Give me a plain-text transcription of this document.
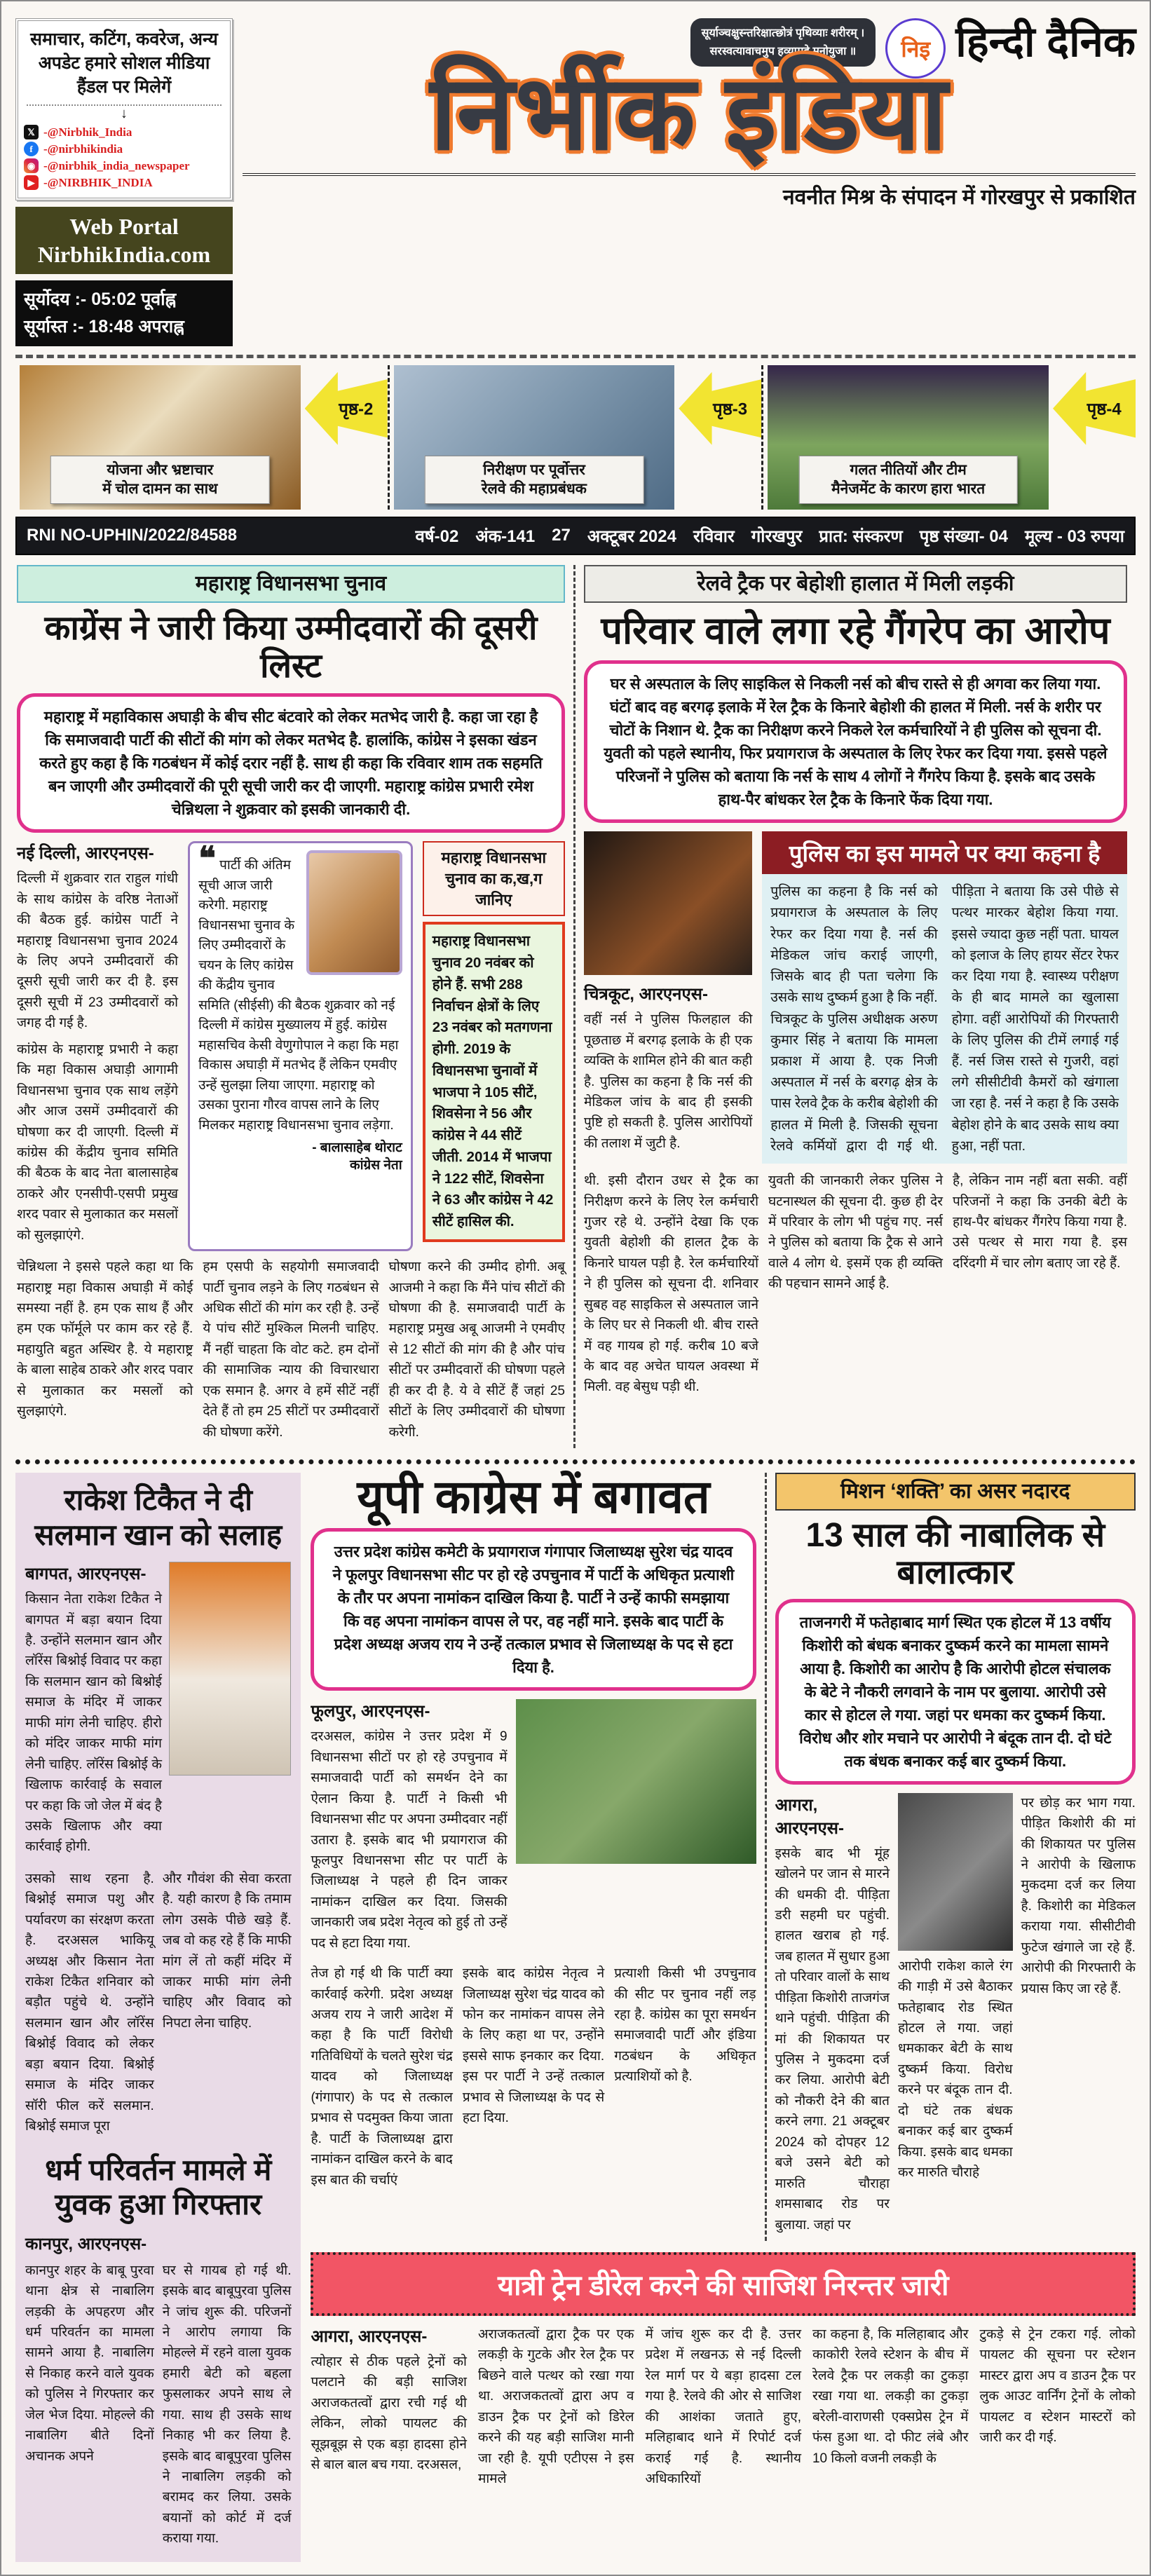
समाचार, कटिंग, कवरेज, अन्य अपडेट हमारे सोशल मीडिया हैंडल पर मिलेगें

↓
𝕏 -@Nirbhik_India
f -@nirbhikindia
◉ -@nirbhik_india_newspaper
▶ -@NIRBHIK_INDIA
Web Portal
NirbhikIndia.com
सूर्योदय :- 05:02 पूर्वाह्न
सूर्यास्त :- 18:48 अपराह्न
सूर्याञ्चक्षुस्न्तरिक्षात्छोत्रं पृथिव्याः शरीरम् ।
सरस्वत्यावाचमुप हव्यामहे मनोयुजा ॥	निइ हिन्दी दैनिक
निर्भीक इंडिया
नवनीत मिश्र के संपादन में गोरखपुर से प्रकाशित
योजना और भ्रष्टाचार
में चोल दामन का साथ
पृष्ठ-2
निरीक्षण पर पूर्वोत्तर
रेलवे की महाप्रबंधक
पृष्ठ-3
गलत नीतियों और टीम
मैनेजमेंट के कारण हारा भारत
पृष्ठ-4
RNI NO-UPHIN/2022/84588	वर्ष-02 अंक-141 27 अक्टूबर 2024 रविवार गोरखपुर प्रात: संस्करण पृष्ठ संख्या- 04 मूल्य - 03 रुपया
महाराष्ट्र विधानसभा चुनाव
काग्रेंस ने जारी किया उम्मीदवारों की दूसरी लिस्ट
महाराष्ट्र में महाविकास अघाड़ी के बीच सीट बंटवारे को लेकर मतभेद जारी है. कहा जा रहा है कि समाजवादी पार्टी की सीटों की मांग को लेकर मतभेद है. हालांकि, कांग्रेस ने इसका खंडन करते हुए कहा है कि गठबंधन में कोई दरार नहीं है. साथ ही कहा कि रविवार शाम तक सहमति बन जाएगी और उम्मीदवारों की पूरी सूची जारी कर दी जाएगी. महाराष्ट्र कांग्रेस प्रभारी रमेश चेन्निथला ने शुक्रवार को इसकी जानकारी दी.

नई दिल्ली, आरएनएस-

दिल्ली में शुक्रवार रात राहुल गांधी के साथ कांग्रेस के वरिष्ठ नेताओं की बैठक हुई. कांग्रेस पार्टी ने महाराष्ट्र विधानसभा चुनाव 2024 के लिए अपने उम्मीदवारों की दूसरी सूची जारी कर दी है. इस दूसरी सूची में 23 उम्मीदवारों को जगह दी गई है.

कांग्रेस के महाराष्ट्र प्रभारी ने कहा कि महा विकास अघाड़ी आगामी विधानसभा चुनाव एक साथ लड़ेंगे और आज उसमें उम्मीदवारों की घोषणा कर दी जाएगी. दिल्ली में कांग्रेस की केंद्रीय चुनाव समिति की बैठक के बाद नेता बालासाहेब ठाकरे और एनसीपी-एसपी प्रमुख शरद पवार से मुलाकात कर मसलों को सुलझाएंगे.

❝ पार्टी की अंतिम सूची आज जारी करेगी. महाराष्ट्र विधानसभा चुनाव के लिए उम्मीदवारों के चयन के लिए कांग्रेस की केंद्रीय चुनाव समिति (सीईसी) की बैठक शुक्रवार को नई दिल्ली में कांग्रेस मुख्यालय में हुई. कांग्रेस महासचिव केसी वेणुगोपाल ने कहा कि महा विकास अघाड़ी में मतभेद हैं लेकिन एमवीए उन्हें सुलझा लिया जाएगा. महाराष्ट्र को उसका पुराना गौरव वापस लाने के लिए मिलकर महाराष्ट्र विधानसभा चुनाव लड़ेगा.
- बालासाहेब थोराट
कांग्रेस नेता
महाराष्ट्र विधानसभा चुनाव का क,ख,ग जानिए
महाराष्ट्र विधानसभा चुनाव 20 नवंबर को होने हैं. सभी 288 निर्वाचन क्षेत्रों के लिए 23 नवंबर को मतगणना होगी. 2019 के विधानसभा चुनावों में भाजपा ने 105 सीटें, शिवसेना ने 56 और कांग्रेस ने 44 सीटें जीती. 2014 में भाजपा ने 122 सीटें, शिवसेना ने 63 और कांग्रेस ने 42 सीटें हासिल की.

चेन्निथला ने इससे पहले कहा था कि महाराष्ट्र महा विकास अघाड़ी में कोई समस्या नहीं है. हम एक साथ हैं और हम एक फॉर्मूले पर काम कर रहे हैं. महायुति बहुत अस्थिर है. ये महाराष्ट्र के बाला साहेब ठाकरे और शरद पवार से मुलाकात कर मसलों को सुलझाएंगे.

हम एसपी के सहयोगी समाजवादी पार्टी चुनाव लड़ने के लिए गठबंधन से अधिक सीटों की मांग कर रही है. उन्हें ये पांच सीटें मुश्किल मिलनी चाहिए. मैं नहीं चाहता कि वोट कटे. हम दोनों की सामाजिक न्याय की विचारधारा एक समान है. अगर वे हमें सीटें नहीं देते हैं तो हम 25 सीटों पर उम्मीदवारों की घोषणा करेंगे.

घोषणा करने की उम्मीद होगी. अबू आजमी ने कहा कि मैंने पांच सीटों की घोषणा की है. समाजवादी पार्टी के महाराष्ट्र प्रमुख अबू आजमी ने एमवीए से 12 सीटों की मांग की है और पांच सीटों पर उम्मीदवारों की घोषणा पहले ही कर दी है. ये वे सीटें हैं जहां 25 सीटों के लिए उम्मीदवारों की घोषणा करेगी.

रेलवे ट्रैक पर बेहोशी हालात में मिली लड़की
परिवार वाले लगा रहे गैंगरेप का आरोप
घर से अस्पताल के लिए साइकिल से निकली नर्स को बीच रास्ते से ही अगवा कर लिया गया. घंटों बाद वह बरगढ़ इलाके में रेल ट्रैक के किनारे बेहोशी की हालत में मिली. नर्स के शरीर पर चोटों के निशान थे. ट्रैक का निरीक्षण करने निकले रेल कर्मचारियों ने ही पुलिस को सूचना दी. युवती को पहले स्थानीय, फिर प्रयागराज के अस्पताल के लिए रेफर कर दिया गया. इससे पहले परिजनों ने पुलिस को बताया कि नर्स के साथ 4 लोगों ने गैंगरेप किया है. इसके बाद उसके हाथ-पैर बांधकर रेल ट्रैक के किनारे फेंक दिया गया.

चित्रकूट, आरएनएस-

वहीं नर्स ने पुलिस फिलहाल की पूछताछ में बरगढ़ इलाके के ही एक व्यक्ति के शामिल होने की बात कही है. पुलिस का कहना है कि नर्स की मेडिकल जांच के बाद ही इसकी पुष्टि हो सकती है. पुलिस आरोपियों की तलाश में जुटी है.

पुलिस का इस मामले पर क्या कहना है
पुलिस का कहना है कि नर्स को प्रयागराज के अस्पताल के लिए रेफर कर दिया गया है. नर्स की मेडिकल जांच कराई जाएगी, जिसके बाद ही पता चलेगा कि उसके साथ दुष्कर्म हुआ है कि नहीं. चित्रकूट के पुलिस अधीक्षक अरुण कुमार सिंह ने बताया कि मामला प्रकाश में आया है. एक निजी अस्पताल में नर्स के बरगढ़ क्षेत्र के पास रेलवे ट्रैक के करीब बेहोशी की हालत में मिली है. जिसकी सूचना रेलवे कर्मियों द्वारा दी गई थी. पीड़िता ने बताया कि उसे पीछे से पत्थर मारकर बेहोश किया गया. इससे ज्यादा कुछ नहीं पता. घायल को इलाज के लिए हायर सेंटर रेफर कर दिया गया है. स्वास्थ्य परीक्षण के ही बाद मामले का खुलासा होगा. वहीं आरोपियों की गिरफ्तारी के लिए पुलिस की टीमें लगाई गई हैं. नर्स जिस रास्ते से गुजरी, वहां लगे सीसीटीवी कैमरों को खंगाला जा रहा है. नर्स ने कहा है कि उसके बेहोश होने के बाद उसके साथ क्या हुआ, नहीं पता.

थी. इसी दौरान उधर से ट्रैक का निरीक्षण करने के लिए रेल कर्मचारी गुजर रहे थे. उन्होंने देखा कि एक युवती बेहोशी की हालत ट्रैक के किनारे घायल पड़ी है. रेल कर्मचारियों ने ही पुलिस को सूचना दी. शनिवार सुबह वह साइकिल से अस्पताल जाने के लिए घर से निकली थी. बीच रास्ते में वह गायब हो गई. करीब 10 बजे के बाद वह अचेत घायल अवस्था में मिली. वह बेसुध पड़ी थी.

युवती की जानकारी लेकर पुलिस ने घटनास्थल की सूचना दी. कुछ ही देर में परिवार के लोग भी पहुंच गए. नर्स ने पुलिस को बताया कि ट्रैक से आने वाले 4 लोग थे. इसमें एक ही व्यक्ति की पहचान सामने आई है.

है, लेकिन नाम नहीं बता सकी. वहीं परिजनों ने कहा कि उनकी बेटी के हाथ-पैर बांधकर गैंगरेप किया गया है. उसे पत्थर से मारा गया है. इस दरिंदगी में चार लोग बताए जा रहे हैं.

राकेश टिकैत ने दी सलमान खान को सलाह

बागपत, आरएनएस-

किसान नेता राकेश टिकैत ने बागपत में बड़ा बयान दिया है. उन्होंने सलमान खान और लॉरेंस बिश्नोई विवाद पर कहा कि सलमान खान को बिश्नोई समाज के मंदिर में जाकर माफी मांग लेनी चाहिए. हीरो को मंदिर जाकर माफी मांग लेनी चाहिए. लॉरेंस बिश्नोई के खिलाफ कार्रवाई के सवाल पर कहा कि जो जेल में बंद है उसके खिलाफ और क्या कार्रवाई होगी.

उसको साथ रहना है. बिश्नोई समाज पशु और पर्यावरण का संरक्षण करता है. दरअसल भाकियू अध्यक्ष और किसान नेता राकेश टिकैत शनिवार को बड़ौत पहुंचे थे. उन्होंने सलमान खान और लॉरेंस बिश्नोई विवाद को लेकर बड़ा बयान दिया. बिश्नोई समाज के मंदिर जाकर सॉरी फील करें सलमान. बिश्नोई समाज पूरा

और गौवंश की सेवा करता है. यही कारण है कि तमाम लोग उसके पीछे खड़े हैं. जब वो कह रहे हैं कि माफी मांग लें तो कहीं मंदिर में जाकर माफी मांग लेनी चाहिए और विवाद को निपटा लेना चाहिए.

धर्म परिवर्तन मामले में युवक हुआ गिरफ्तार

कानपुर, आरएनएस-

कानपुर शहर के बाबू पुरवा थाना क्षेत्र से नाबालिग लड़की के अपहरण और धर्म परिवर्तन का मामला सामने आया है. नाबालिग से निकाह करने वाले युवक को पुलिस ने गिरफ्तार कर जेल भेज दिया. मोहल्ले की नाबालिग बीते दिनों अचानक अपने

घर से गायब हो गई थी. इसके बाद बाबूपुरवा पुलिस ने जांच शुरू की. परिजनों ने आरोप लगाया कि मोहल्ले में रहने वाला युवक हमारी बेटी को बहला फुसलाकर अपने साथ ले गया. साथ ही उसके साथ निकाह भी कर लिया है. इसके बाद बाबूपुरवा पुलिस ने नाबालिग लड़की को बरामद कर लिया. उसके बयानों को कोर्ट में दर्ज कराया गया.

यूपी काग्रेस में बगावत
उत्तर प्रदेश कांग्रेस कमेटी के प्रयागराज गंगापार जिलाध्यक्ष सुरेश चंद्र यादव ने फूलपुर विधानसभा सीट पर हो रहे उपचुनाव में पार्टी के अधिकृत प्रत्याशी के तौर पर अपना नामांकन दाखिल किया है. पार्टी ने उन्हें काफी समझाया कि वह अपना नामांकन वापस ले पर, वह नहीं माने. इसके बाद पार्टी के प्रदेश अध्यक्ष अजय राय ने उन्हें तत्काल प्रभाव से जिलाध्यक्ष के पद से हटा दिया है.

फूलपुर, आरएनएस-

दरअसल, कांग्रेस ने उत्तर प्रदेश में 9 विधानसभा सीटों पर हो रहे उपचुनाव में समाजवादी पार्टी को समर्थन देने का ऐलान किया है. पार्टी ने किसी भी विधानसभा सीट पर अपना उम्मीदवार नहीं उतारा है. इसके बाद भी प्रयागराज की फूलपुर विधानसभा सीट पर पार्टी के जिलाध्यक्ष ने पहले ही दिन जाकर नामांकन दाखिल कर दिया. जिसकी जानकारी जब प्रदेश नेतृत्व को हुई तो उन्हें पद से हटा दिया गया.

तेज हो गई थी कि पार्टी क्या कार्रवाई करेगी. प्रदेश अध्यक्ष अजय राय ने जारी आदेश में कहा है कि पार्टी विरोधी गतिविधियों के चलते सुरेश चंद्र यादव को जिलाध्यक्ष (गंगापार) के पद से तत्काल प्रभाव से पदमुक्त किया जाता है. पार्टी के जिलाध्यक्ष द्वारा नामांकन दाखिल करने के बाद इस बात की चर्चाएं

इसके बाद कांग्रेस नेतृत्व ने जिलाध्यक्ष सुरेश चंद्र यादव को फोन कर नामांकन वापस लेने के लिए कहा था पर, उन्होंने इससे साफ इनकार कर दिया. इस पर पार्टी ने उन्हें तत्काल प्रभाव से जिलाध्यक्ष के पद से हटा दिया.

प्रत्याशी किसी भी उपचुनाव की सीट पर चुनाव नहीं लड़ रहा है. कांग्रेस का पूरा समर्थन समाजवादी पार्टी और इंडिया गठबंधन के अधिकृत प्रत्याशियों को है.

मिशन ‘शक्ति’ का असर नदारद
13 साल की नाबालिक से बालात्कार
ताजनगरी में फतेहाबाद मार्ग स्थित एक होटल में 13 वर्षीय किशोरी को बंधक बनाकर दुष्कर्म करने का मामला सामने आया है. किशोरी का आरोप है कि आरोपी होटल संचालक के बेटे ने नौकरी लगवाने के नाम पर बुलाया. आरोपी उसे कार से होटल ले गया. जहां पर धमका कर दुष्कर्म किया. विरोध और शोर मचाने पर आरोपी ने बंदूक तान दी. दो घंटे तक बंधक बनाकर कई बार दुष्कर्म किया.

आगरा, आरएनएस-

इसके बाद भी मूंह खोलने पर जान से मारने की धमकी दी. पीड़िता डरी सहमी घर पहुंची. हालत खराब हो गई. जब हालत में सुधार हुआ तो परिवार वालों के साथ पीड़िता किशोरी ताजगंज थाने पहुंची. पीड़िता की मां की शिकायत पर पुलिस ने मुकदमा दर्ज कर लिया. आरोपी बेटी को नौकरी देने की बात करने लगा. 21 अक्टूबर 2024 को दोपहर 12 बजे उसने बेटी को मारुति चौराहा शमसाबाद रोड पर बुलाया. जहां पर

आरोपी राकेश काले रंग की गाड़ी में उसे बैठाकर फतेहाबाद रोड स्थित होटल ले गया. जहां धमकाकर बेटी के साथ दुष्कर्म किया. विरोध करने पर बंदूक तान दी. दो घंटे तक बंधक बनाकर कई बार दुष्कर्म किया. इसके बाद धमका कर मारुति चौराहे

पर छोड़ कर भाग गया. पीड़ित किशोरी की मां की शिकायत पर पुलिस ने आरोपी के खिलाफ मुकदमा दर्ज कर लिया है. किशोरी का मेडिकल कराया गया. सीसीटीवी फुटेज खंगाले जा रहे हैं. आरोपी की गिरफ्तारी के प्रयास किए जा रहे हैं.

यात्री ट्रेन डीरेल करने की साजिश निरन्तर जारी

आगरा, आरएनएस-

त्योहार से ठीक पहले ट्रेनों को पलटाने की बड़ी साजिश अराजकतत्वों द्वारा रची गई थी लेकिन, लोको पायलट की सूझबूझ से एक बड़ा हादसा होने से बाल बाल बच गया. दरअसल,

अराजकतत्वों द्वारा ट्रैक पर एक लकड़ी के गुटके और रेल ट्रैक पर बिछने वाले पत्थर को रखा गया था. अराजकतत्वों द्वारा अप व डाउन ट्रैक पर ट्रेनों को डिरेल करने की यह बड़ी साजिश मानी जा रही है. यूपी एटीएस ने इस मामले

में जांच शुरू कर दी है. उत्तर प्रदेश में लखनऊ से नई दिल्ली रेल मार्ग पर ये बड़ा हादसा टल गया है. रेलवे की ओर से साजिश की आशंका जताते हुए, मलिहाबाद थाने में रिपोर्ट दर्ज कराई गई है. स्थानीय अधिकारियों

का कहना है, कि मलिहाबाद और काकोरी रेलवे स्टेशन के बीच में रेलवे ट्रैक पर लकड़ी का टुकड़ा रखा गया था. लकड़ी का टुकड़ा बरेली-वाराणसी एक्सप्रेस ट्रेन में फंस हुआ था. दो फीट लंबे और 10 किलो वजनी लकड़ी के

टुकड़े से ट्रेन टकरा गई. लोको पायलट की सूचना पर स्टेशन मास्टर द्वारा अप व डाउन ट्रैक पर लुक आउट वार्निंग ट्रेनों के लोको पायलट व स्टेशन मास्टरों को जारी कर दी गई.
